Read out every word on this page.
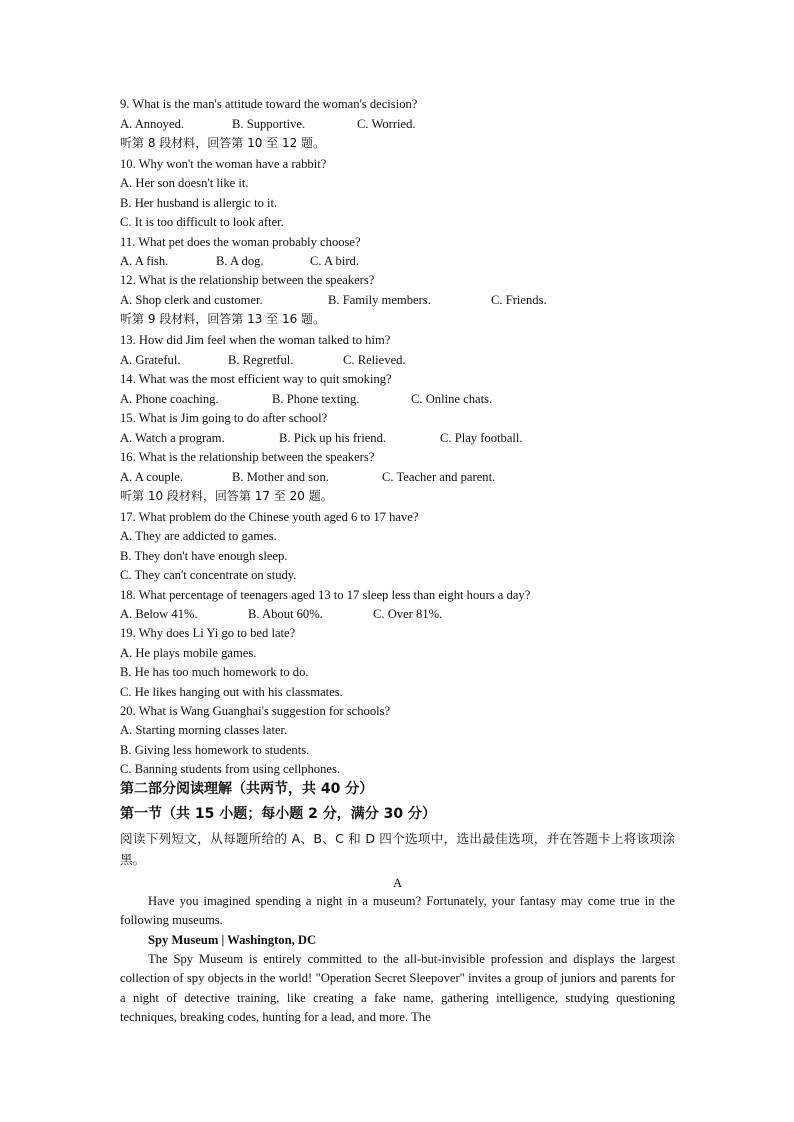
9. What is the man's attitude toward the woman's decision?
A. Annoyed.	B. Supportive.	C. Worried.
听第 8 段材料，回答第 10 至 12 题。
10. Why won't the woman have a rabbit?
A. Her son doesn't like it.
B. Her husband is allergic to it.
C. It is too difficult to look after.
11. What pet does the woman probably choose?
A. A fish.	B. A dog.	C. A bird.
12. What is the relationship between the speakers?
A. Shop clerk and customer.	B. Family members.	C. Friends.
听第 9 段材料，回答第 13 至 16 题。
13. How did Jim feel when the woman talked to him?
A. Grateful.	B. Regretful.	C. Relieved.
14. What was the most efficient way to quit smoking?
A. Phone coaching.	B. Phone texting.	C. Online chats.
15. What is Jim going to do after school?
A. Watch a program.	B. Pick up his friend.	C. Play football.
16. What is the relationship between the speakers?
A. A couple.	B. Mother and son.	C. Teacher and parent.
听第 10 段材料，回答第 17 至 20 题。
17. What problem do the Chinese youth aged 6 to 17 have?
A. They are addicted to games.
B. They don't have enough sleep.
C. They can't concentrate on study.
18. What percentage of teenagers aged 13 to 17 sleep less than eight hours a day?
A. Below 41%.	B. About 60%.	C. Over 81%.
19. Why does Li Yi go to bed late?
A. He plays mobile games.
B. He has too much homework to do.
C. He likes hanging out with his classmates.
20. What is Wang Guanghai's suggestion for schools?
A. Starting morning classes later.
B. Giving less homework to students.
C. Banning students from using cellphones.
第二部分阅读理解（共两节，共 40 分）
第一节（共 15 小题；每小题 2 分，满分 30 分）
阅读下列短文，从每题所给的 A、B、C 和 D 四个选项中，选出最佳选项，并在答题卡上将该项涂黑。
A
Have you imagined spending a night in a museum? Fortunately, your fantasy may come true in the following museums.
Spy Museum | Washington, DC
The Spy Museum is entirely committed to the all-but-invisible profession and displays the largest collection of spy objects in the world! "Operation Secret Sleepover" invites a group of juniors and parents for a night of detective training, like creating a fake name, gathering intelligence, studying questioning techniques, breaking codes, hunting for a lead, and more. The
